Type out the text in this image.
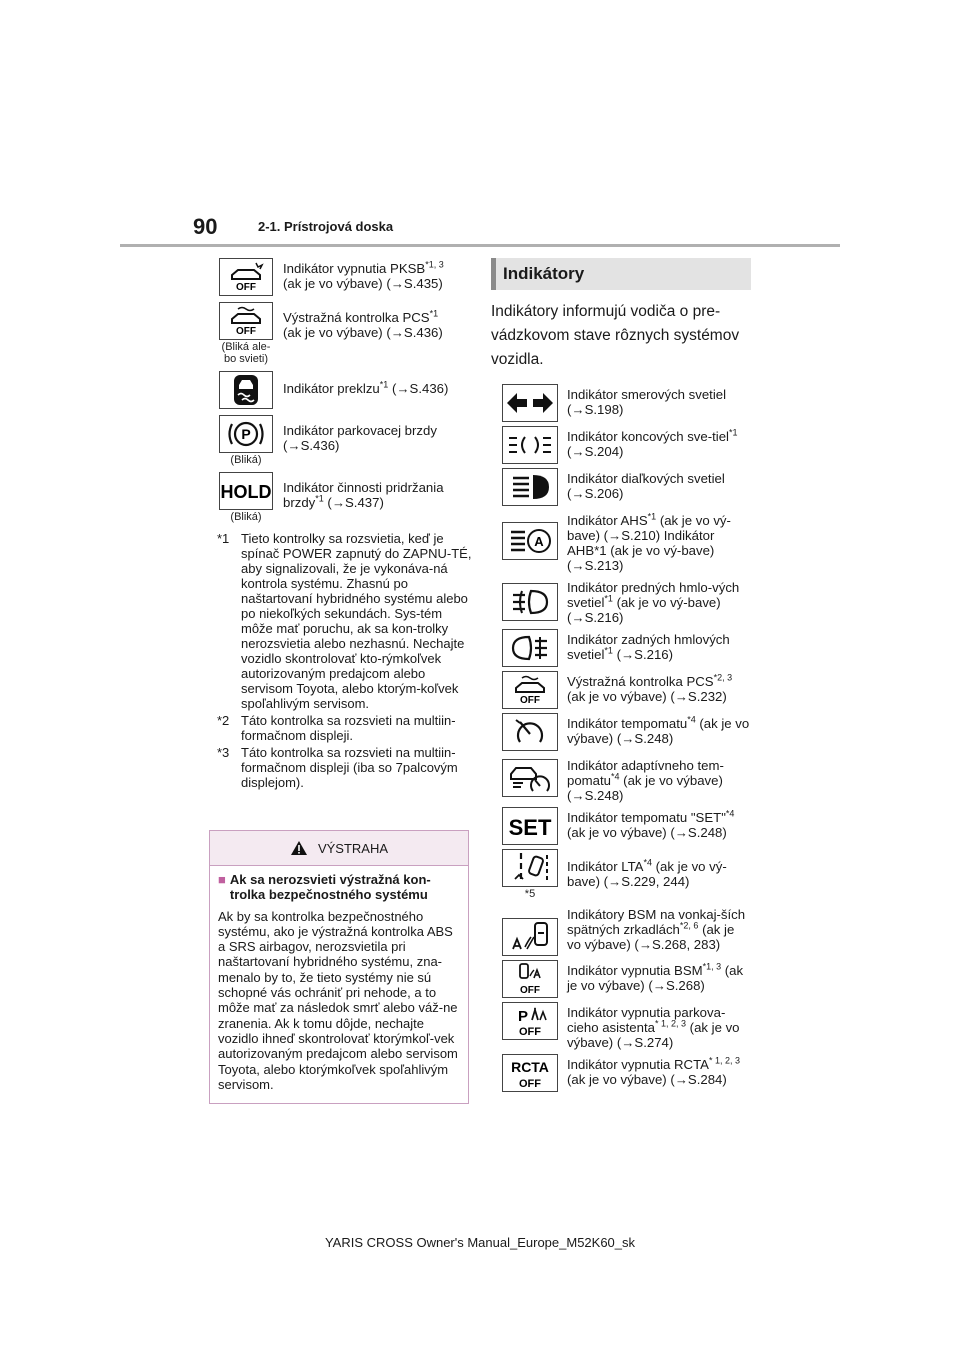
90	2-1. Prístrojová doska
OFF
Indikátor vypnutia PKSB$^{*1, 3}$
(ak je vo výbave) (→S.435)
OFF
(Bliká ale-
bo svieti)
Výstražná kontrolka PCS$^{*1}$
(ak je vo výbave) (→S.436)
Indikátor preklzu$^{*1}$ (→S.436)
P
(Bliká)
Indikátor parkovacej brzdy
(→S.436)
HOLD
(Bliká)
Indikátor činnosti pridržania brzdy$^{*1}$ (→S.437)
*1 Tieto kontrolky sa rozsvietia, keď je spínač POWER zapnutý do ZAPNU-TÉ, aby signalizovali, že je vykonáva-ná kontrola systému. Zhasnú po naštartovaní hybridného systému alebo po niekoľkých sekundách. Sys-tém môže mať poruchu, ak sa kon-trolky nerozsvietia alebo nezhasnú. Nechajte vozidlo skontrolovať kto-rýmkoľvek autorizovaným predajcom alebo servisom Toyota, alebo ktorým-koľvek spoľahlivým servisom.
*2 Táto kontrolka sa rozsvieti na multiin-formačnom displeji.
*3 Táto kontrolka sa rozsvieti na multiin-formačnom displeji (iba so 7palcovým displejom).
VÝSTRAHA
■ Ak sa nerozsvieti výstražná kon-trolka bezpečnostného systému
Ak by sa kontrolka bezpečnostného systému, ako je výstražná kontrolka ABS a SRS airbagov, nerozsvietila pri naštartovaní hybridného systému, zna-menalo by to, že tieto systémy nie sú schopné vás ochrániť pri nehode, a to môže mať za následok smrť alebo váž-ne zranenia. Ak k tomu dôjde, nechajte vozidlo ihneď skontrolovať ktorýmkoľ-vek autorizovaným predajcom alebo servisom Toyota, alebo ktorýmkoľvek spoľahlivým servisom.
Indikátory
Indikátory informujú vodiča o pre-vádzkovom stave rôznych systémov vozidla.
Indikátor smerových svetiel (→S.198)
Indikátor koncových sve-tiel$^{*1}$ (→S.204)
Indikátor diaľkových svetiel (→S.206)
A
Indikátor AHS$^{*1}$ (ak je vo vý-bave) (→S.210) Indikátor AHB*1 (ak je vo vý-bave) (→S.213)
Indikátor predných hmlo-vých svetiel$^{*1}$ (ak je vo vý-bave) (→S.216)
Indikátor zadných hmlových svetiel$^{*1}$ (→S.216)
OFF
Výstražná kontrolka PCS$^{*2, 3}$ (ak je vo výbave) (→S.232)
Indikátor tempomatu$^{*4}$ (ak je vo výbave) (→S.248)
Indikátor adaptívneho tem-pomatu$^{*4}$ (ak je vo výbave) (→S.248)
SET	Indikátor tempomatu "SET"$^{*4}$ (ak je vo výbave) (→S.248)
*5
Indikátor LTA$^{*4}$ (ak je vo vý-bave) (→S.229, 244)
Indikátory BSM na vonkaj-ších spätných zrkadlách$^{*2, 6}$ (ak je vo výbave) (→S.268, 283)
OFF
Indikátor vypnutia BSM$^{*1, 3}$ (ak je vo výbave) (→S.268)
P
OFF
Indikátor vypnutia parkova-cieho asistenta$^{* 1, 2, 3}$ (ak je vo výbave) (→S.274)
RCTA
OFF
Indikátor vypnutia RCTA$^{* 1, 2, 3}$ (ak je vo výbave) (→S.284)
YARIS CROSS Owner's Manual_Europe_M52K60_sk
